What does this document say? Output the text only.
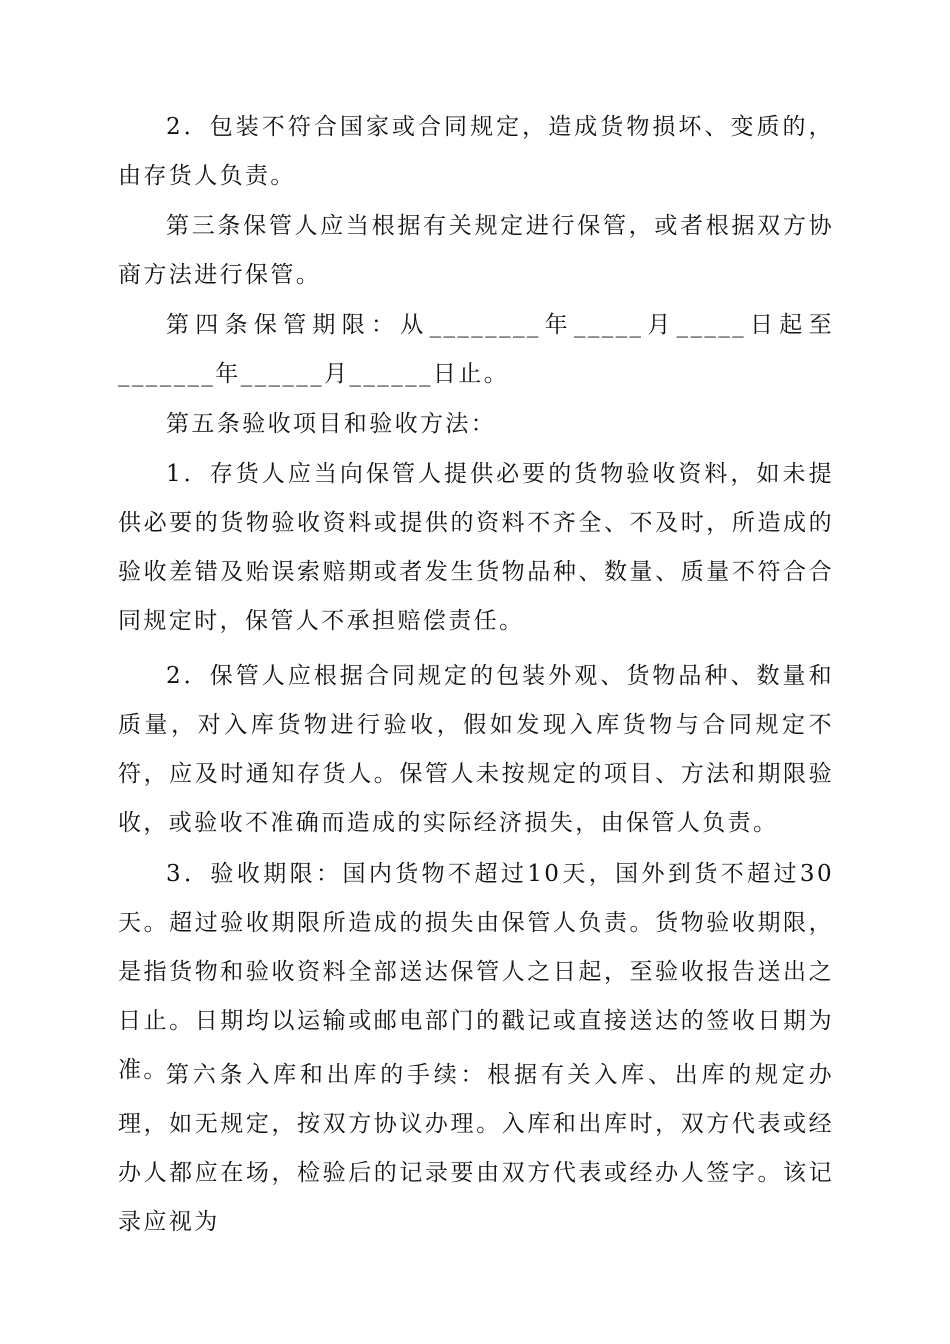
2．包装不符合国家或合同规定，造成货物损坏、变质的，由存货人负责。

第三条保管人应当根据有关规定进行保管，或者根据双方协商方法进行保管。

第四条保管期限：从________年_____月_____日起至_______年______月______日止。

第五条验收项目和验收方法：

1．存货人应当向保管人提供必要的货物验收资料，如未提供必要的货物验收资料或提供的资料不齐全、不及时，所造成的验收差错及贻误索赔期或者发生货物品种、数量、质量不符合合同规定时，保管人不承担赔偿责任。

2．保管人应根据合同规定的包装外观、货物品种、数量和质量，对入库货物进行验收，假如发现入库货物与合同规定不符，应及时通知存货人。保管人未按规定的项目、方法和期限验收，或验收不准确而造成的实际经济损失，由保管人负责。

3．验收期限：国内货物不超过10天，国外到货不超过30天。超过验收期限所造成的损失由保管人负责。货物验收期限，是指货物和验收资料全部送达保管人之日起，至验收报告送出之日止。日期均以运输或邮电部门的戳记或直接送达的签收日期为准。

第六条入库和出库的手续：根据有关入库、出库的规定办理，如无规定，按双方协议办理。入库和出库时，双方代表或经办人都应在场，检验后的记录要由双方代表或经办人签字。该记录应视为
